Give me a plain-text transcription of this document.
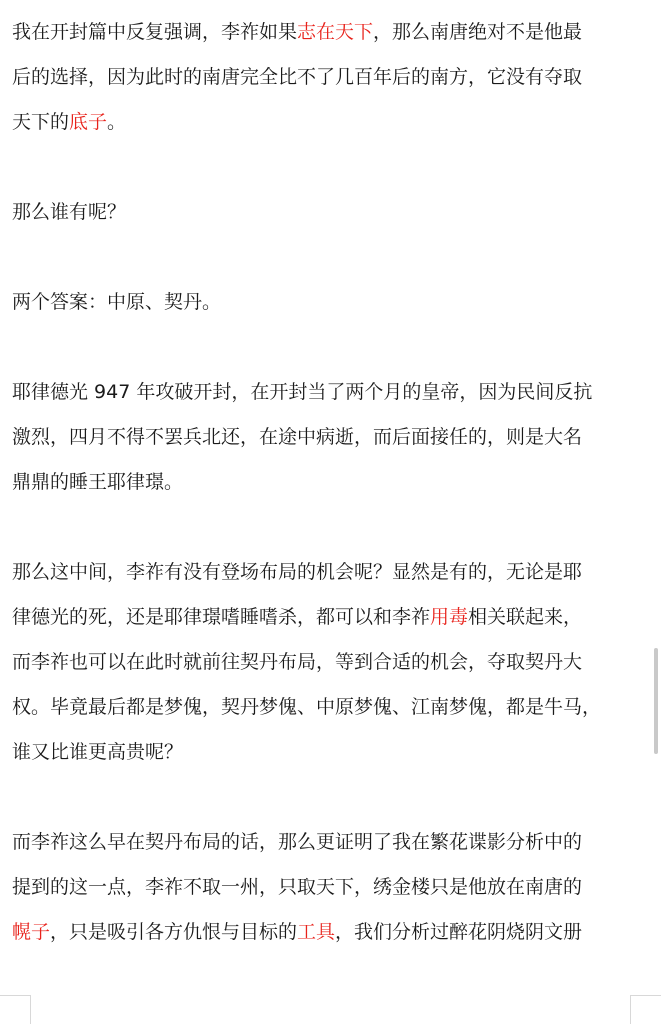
我在开封篇中反复强调，李祚如果志在天下，那么南唐绝对不是他最
后的选择，因为此时的南唐完全比不了几百年后的南方，它没有夺取
天下的底子。
那么谁有呢？
两个答案：中原、契丹。
耶律德光 947 年攻破开封，在开封当了两个月的皇帝，因为民间反抗
激烈，四月不得不罢兵北还，在途中病逝，而后面接任的，则是大名
鼎鼎的睡王耶律璟。
那么这中间，李祚有没有登场布局的机会呢？显然是有的，无论是耶
律德光的死，还是耶律璟嗜睡嗜杀，都可以和李祚用毒相关联起来，
而李祚也可以在此时就前往契丹布局，等到合适的机会，夺取契丹大
权。毕竟最后都是梦傀，契丹梦傀、中原梦傀、江南梦傀，都是牛马，
谁又比谁更高贵呢？
而李祚这么早在契丹布局的话，那么更证明了我在繁花谍影分析中的
提到的这一点，李祚不取一州，只取天下，绣金楼只是他放在南唐的
幌子，只是吸引各方仇恨与目标的工具，我们分析过醉花阴烧阴文册
